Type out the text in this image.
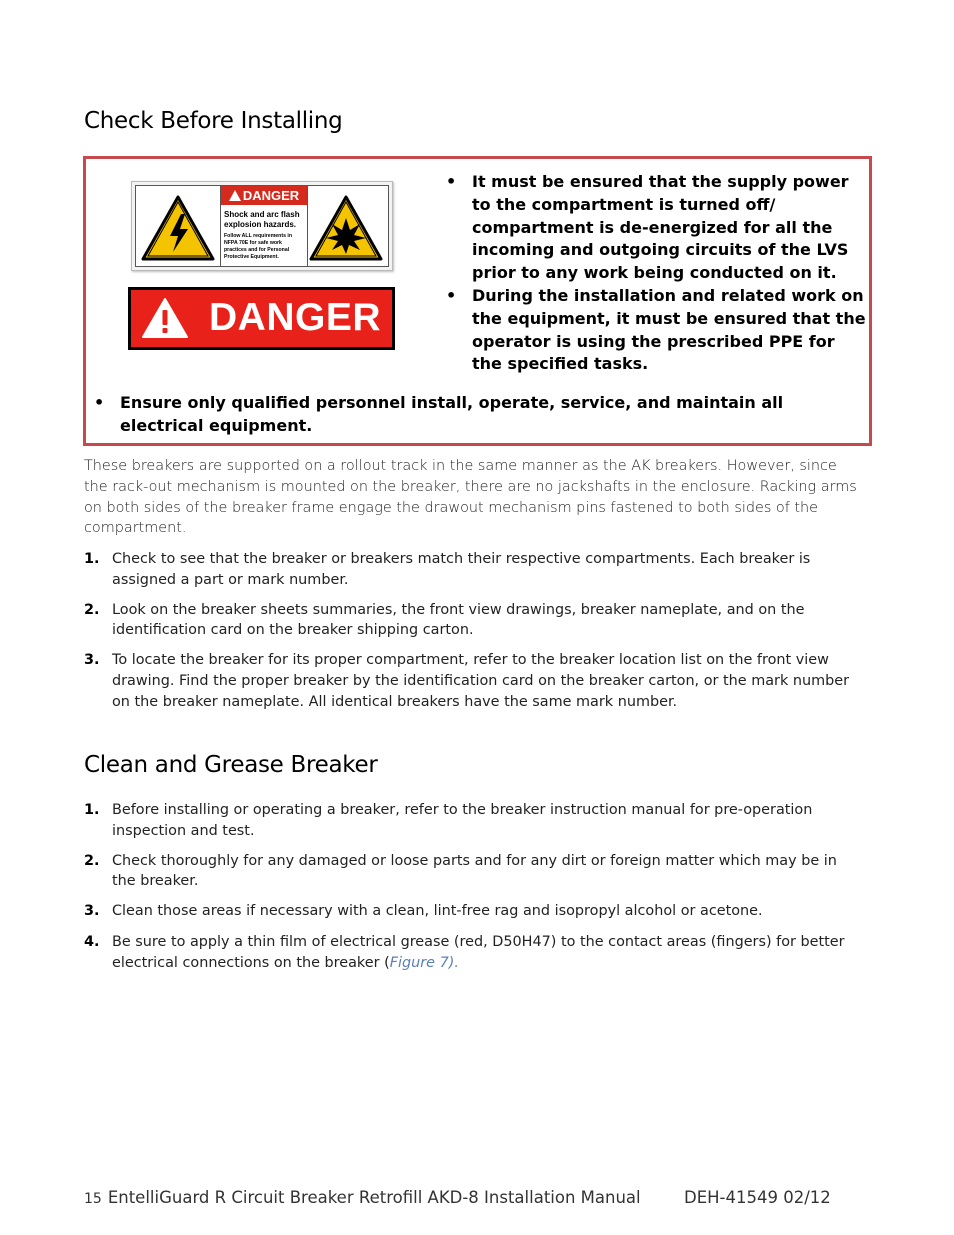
Check Before Installing
DANGER
Shock and arc flash explosion hazards.
Follow ALL requirements in NFPA 70E for safe work practices and for Personal Protective Equipment.
DANGER
• It must be ensured that the supply power to the compartment is turned off/ compartment is de-energized for all the incoming and outgoing circuits of the LVS prior to any work being conducted on it.
• During the installation and related work on the equipment, it must be ensured that the operator is using the prescribed PPE for the specified tasks.
• Ensure only qualified personnel install, operate, service, and maintain all electrical equipment.

These breakers are supported on a rollout track in the same manner as the AK breakers. However, since the rack-out mechanism is mounted on the breaker, there are no jackshafts in the enclosure. Racking arms on both sides of the breaker frame engage the drawout mechanism pins fastened to both sides of the compartment.

1. Check to see that the breaker or breakers match their respective compartments. Each breaker is assigned a part or mark number.
2. Look on the breaker sheets summaries, the front view drawings, breaker nameplate, and on the identification card on the breaker shipping carton.
3. To locate the breaker for its proper compartment, refer to the breaker location list on the front view drawing. Find the proper breaker by the identification card on the breaker carton, or the mark number on the breaker nameplate. All identical breakers have the same mark number.
Clean and Grease Breaker
1. Before installing or operating a breaker, refer to the breaker instruction manual for pre-operation inspection and test.
2. Check thoroughly for any damaged or loose parts and for any dirt or foreign matter which may be in the breaker.
3. Clean those areas if necessary with a clean, lint-free rag and isopropyl alcohol or acetone.
4. Be sure to apply a thin film of electrical grease (red, D50H47) to the contact areas (fingers) for better electrical connections on the breaker (Figure 7).
15 EntelliGuard R Circuit Breaker Retrofill AKD-8 Installation Manual	DEH-41549 02/12
